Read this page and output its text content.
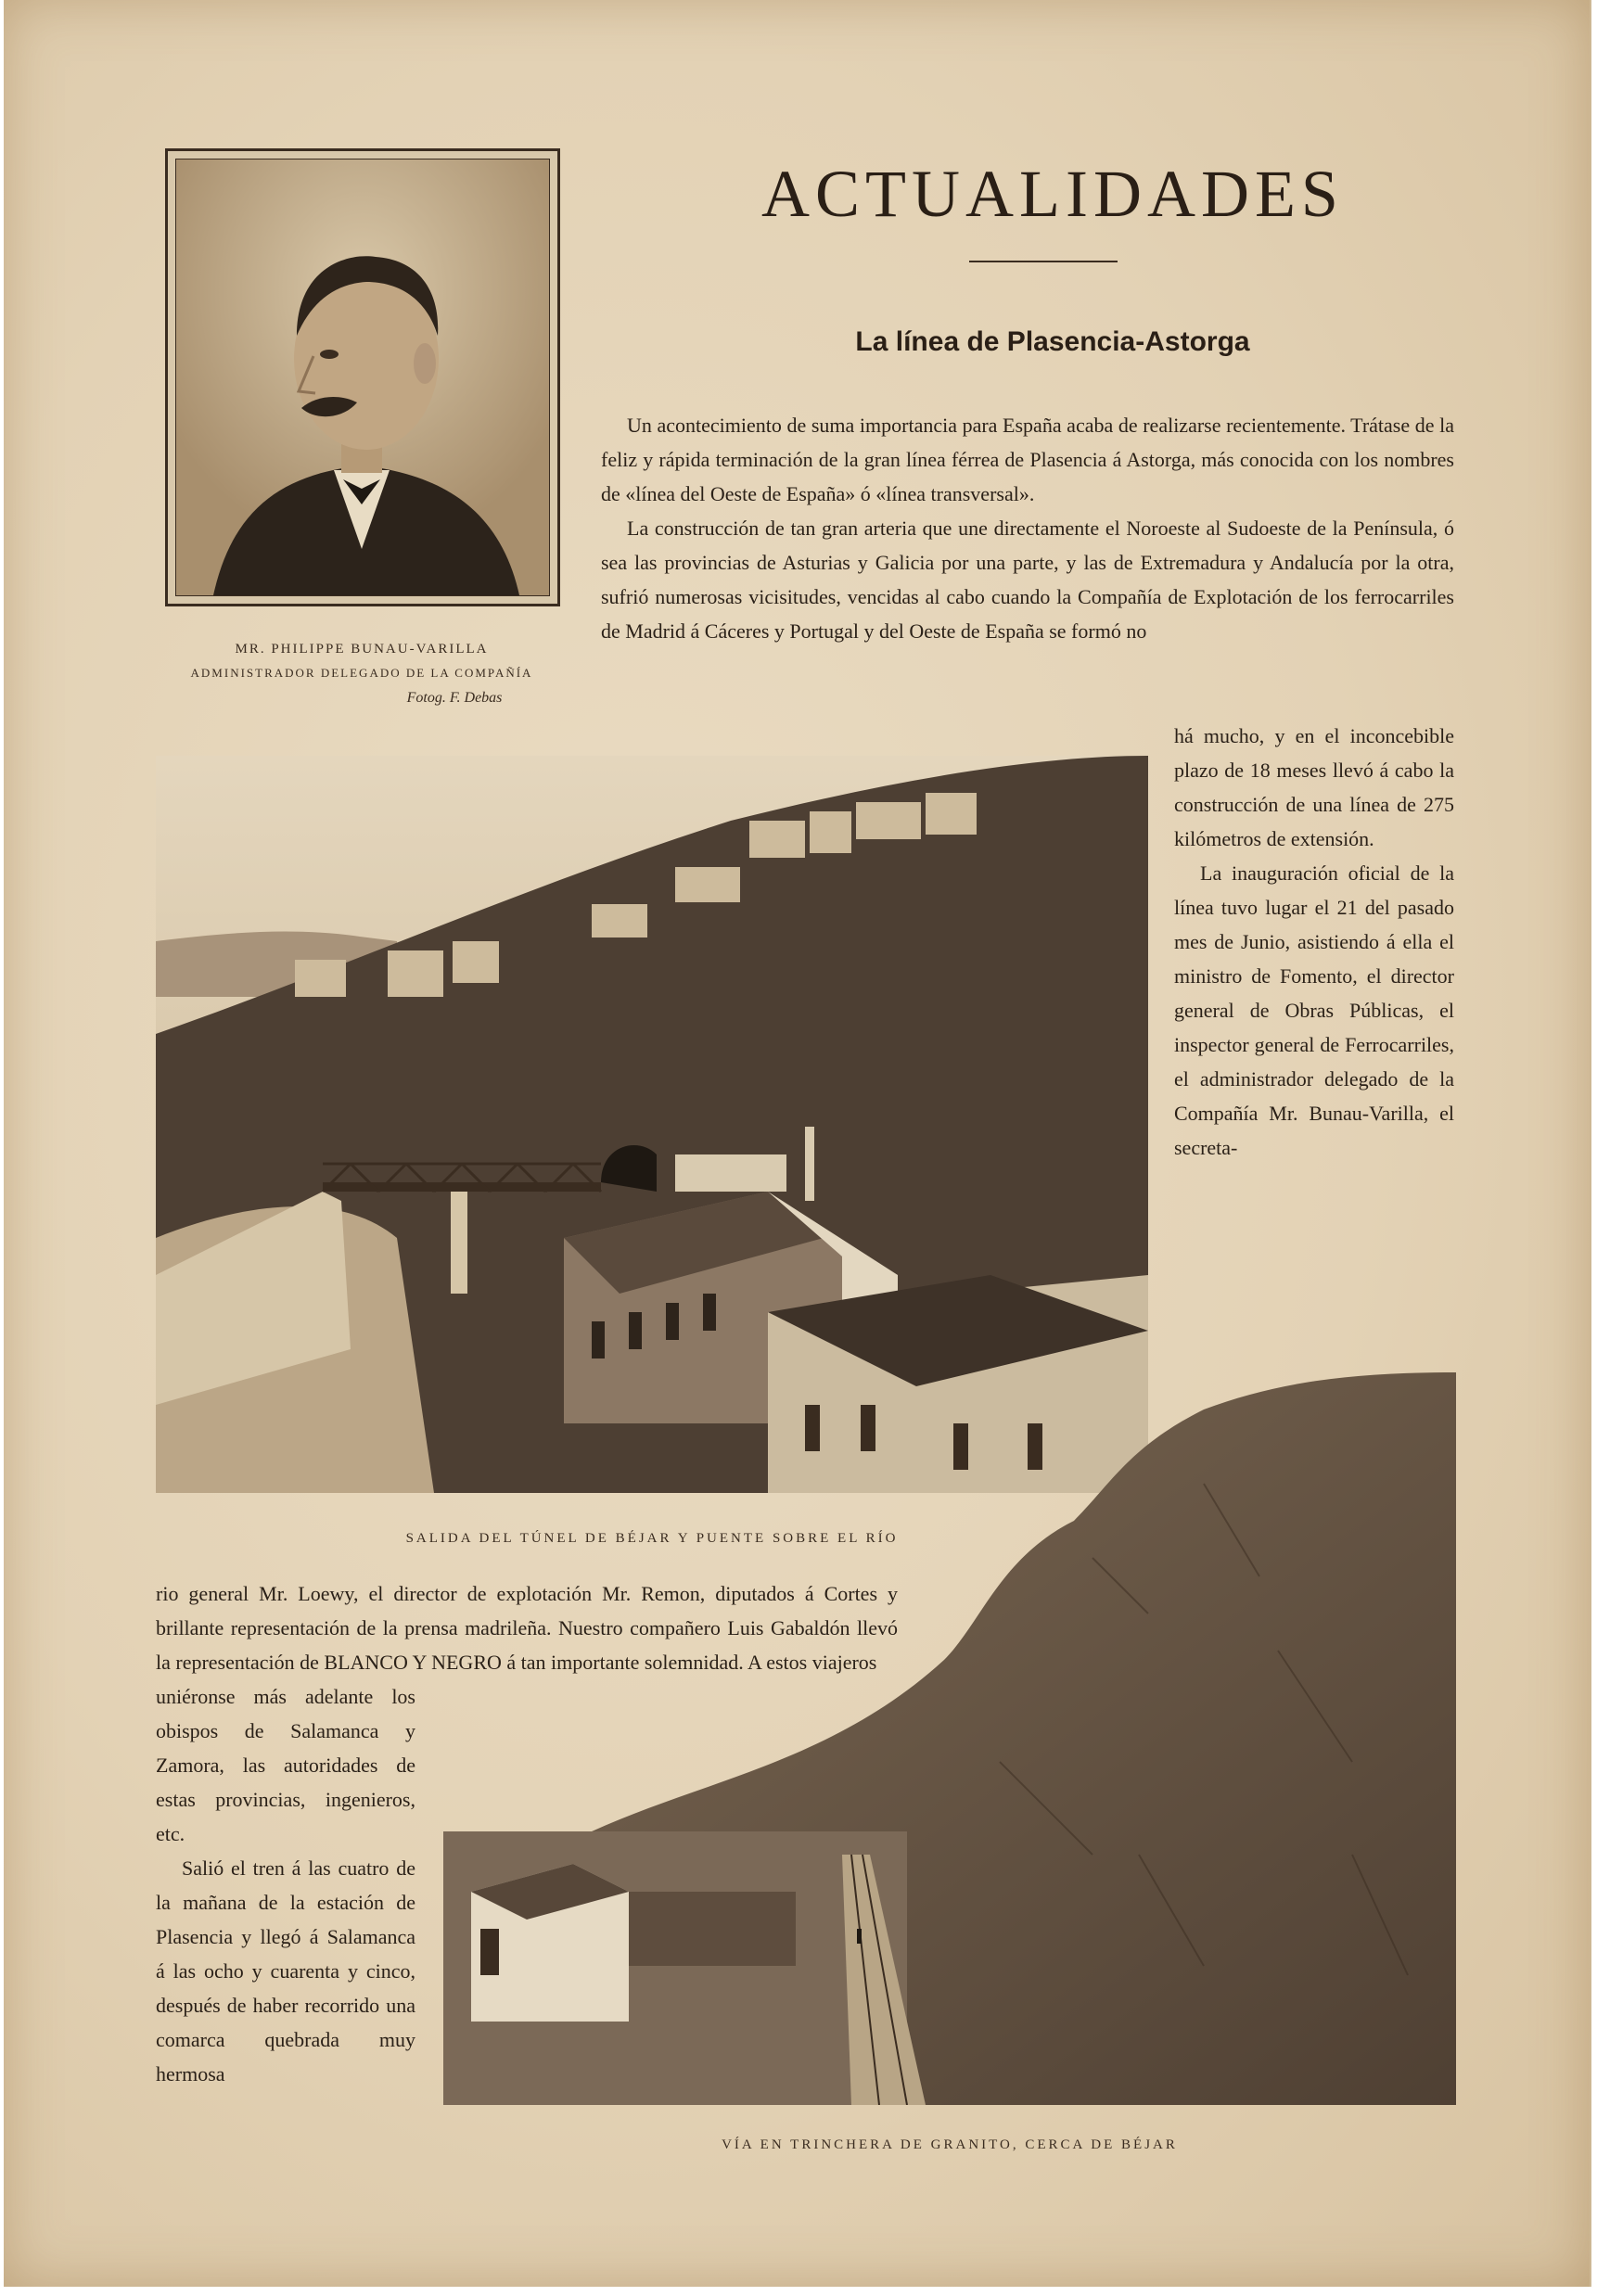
MR. PHILIPPE BUNAU-VARILLA
ADMINISTRADOR DELEGADO DE LA COMPAÑÍA
Fotog. F. Debas
ACTUALIDADES
La línea de Plasencia-Astorga

Un acontecimiento de suma importancia para España acaba de realizarse recientemente. Trátase de la feliz y rápida terminación de la gran línea férrea de Plasencia á Astorga, más conocida con los nombres de «línea del Oeste de España» ó «línea transversal».

La construcción de tan gran arteria que une directamente el Noroeste al Sudoeste de la Península, ó sea las provincias de Asturias y Galicia por una parte, y las de Extremadura y Andalucía por la otra, sufrió numerosas vicisitudes, vencidas al cabo cuando la Compañía de Explotación de los ferrocarriles de Madrid á Cáceres y Portugal y del Oeste de España se formó no

há mucho, y en el inconcebible plazo de 18 meses llevó á cabo la construcción de una línea de 275 kilómetros de extensión.

La inauguración oficial de la línea tuvo lugar el 21 del pasado mes de Junio, asistiendo á ella el ministro de Fomento, el director general de Obras Públicas, el inspector general de Ferrocarriles, el administrador delegado de la Compañía Mr. Bunau-Varilla, el secreta-

SALIDA DEL TÚNEL DE BÉJAR Y PUENTE SOBRE EL RÍO
rio general Mr. Loewy, el director de explotación Mr. Remon, diputados á Cortes y brillante representación de la prensa madrileña. Nuestro compañero Luis Gabaldón llevó la representación de BLANCO Y NEGRO á tan importante solemnidad. A estos viajeros

uniéronse más adelante los obispos de Salamanca y Zamora, las autoridades de estas provincias, ingenieros, etc.

Salió el tren á las cuatro de la mañana de la estación de Plasencia y llegó á Salamanca á las ocho y cuarenta y cinco, después de haber recorrido una comarca quebrada muy hermosa

VÍA EN TRINCHERA DE GRANITO, CERCA DE BÉJAR
